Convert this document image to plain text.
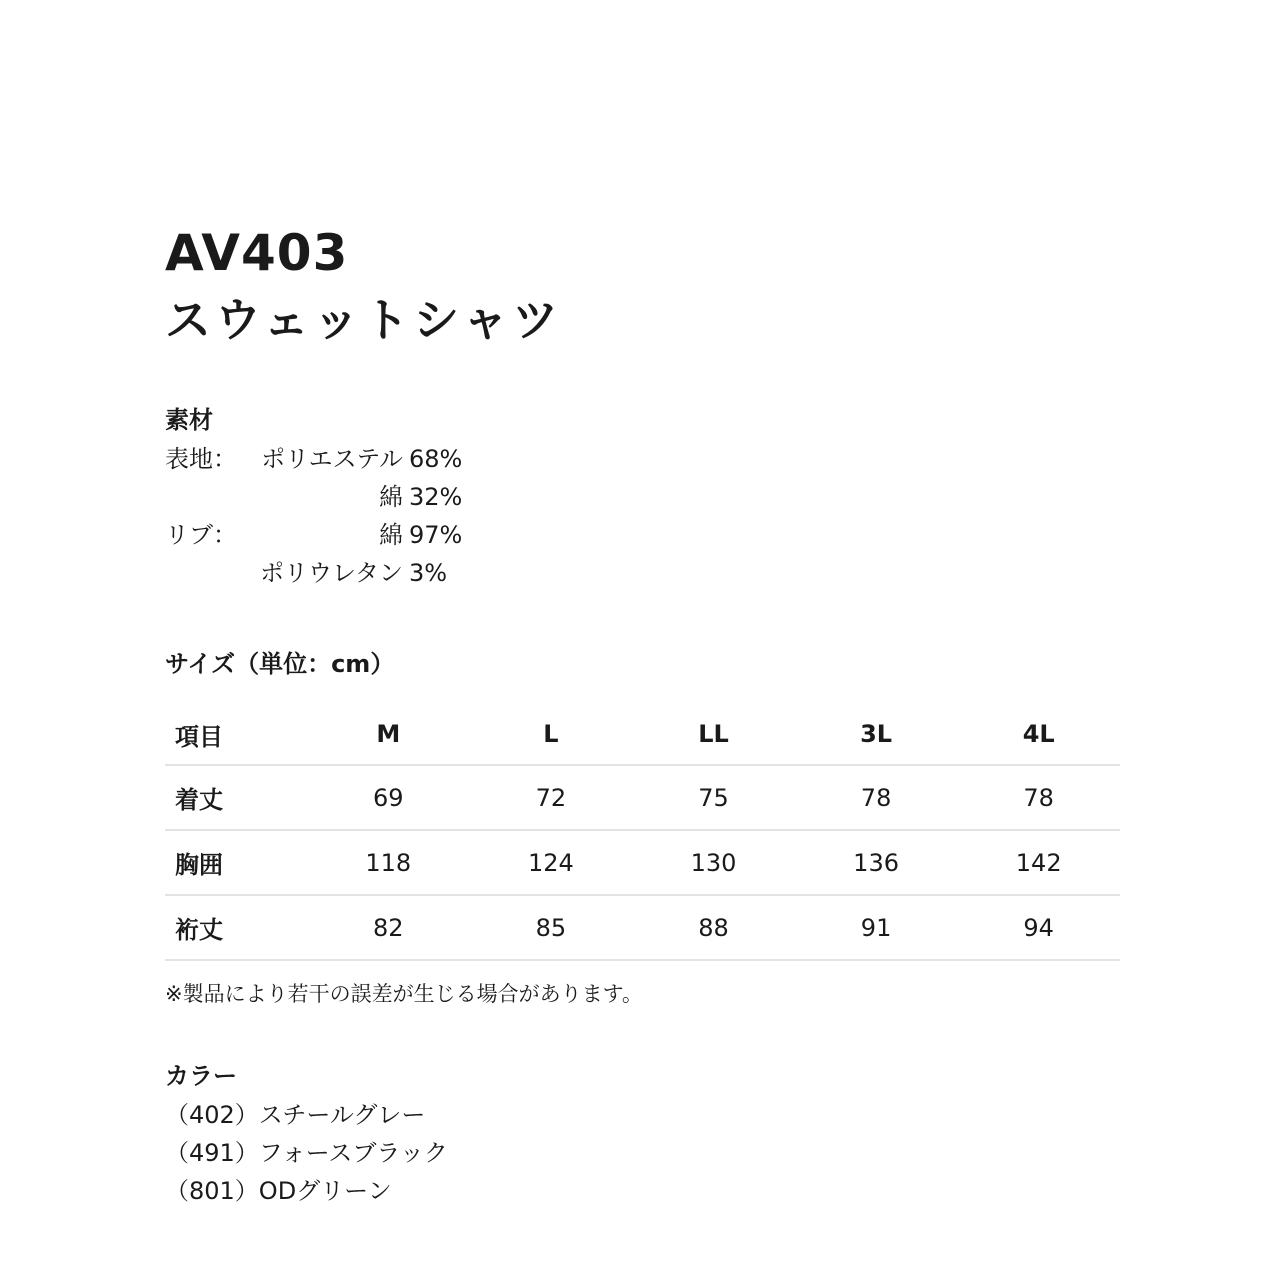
AV403
スウェットシャツ
素材
表地：	ポリエステル	68%
	綿	32%
リブ：	綿	97%
	ポリウレタン	3%
サイズ（単位：cm）
項目	M	L	LL	3L	4L
着丈	69	72	75	78	78
胸囲	118	124	130	136	142
裄丈	82	85	88	91	94
※製品により若干の誤差が生じる場合があります。
カラー
（402）スチールグレー
（491）フォースブラック
（801）ODグリーン
